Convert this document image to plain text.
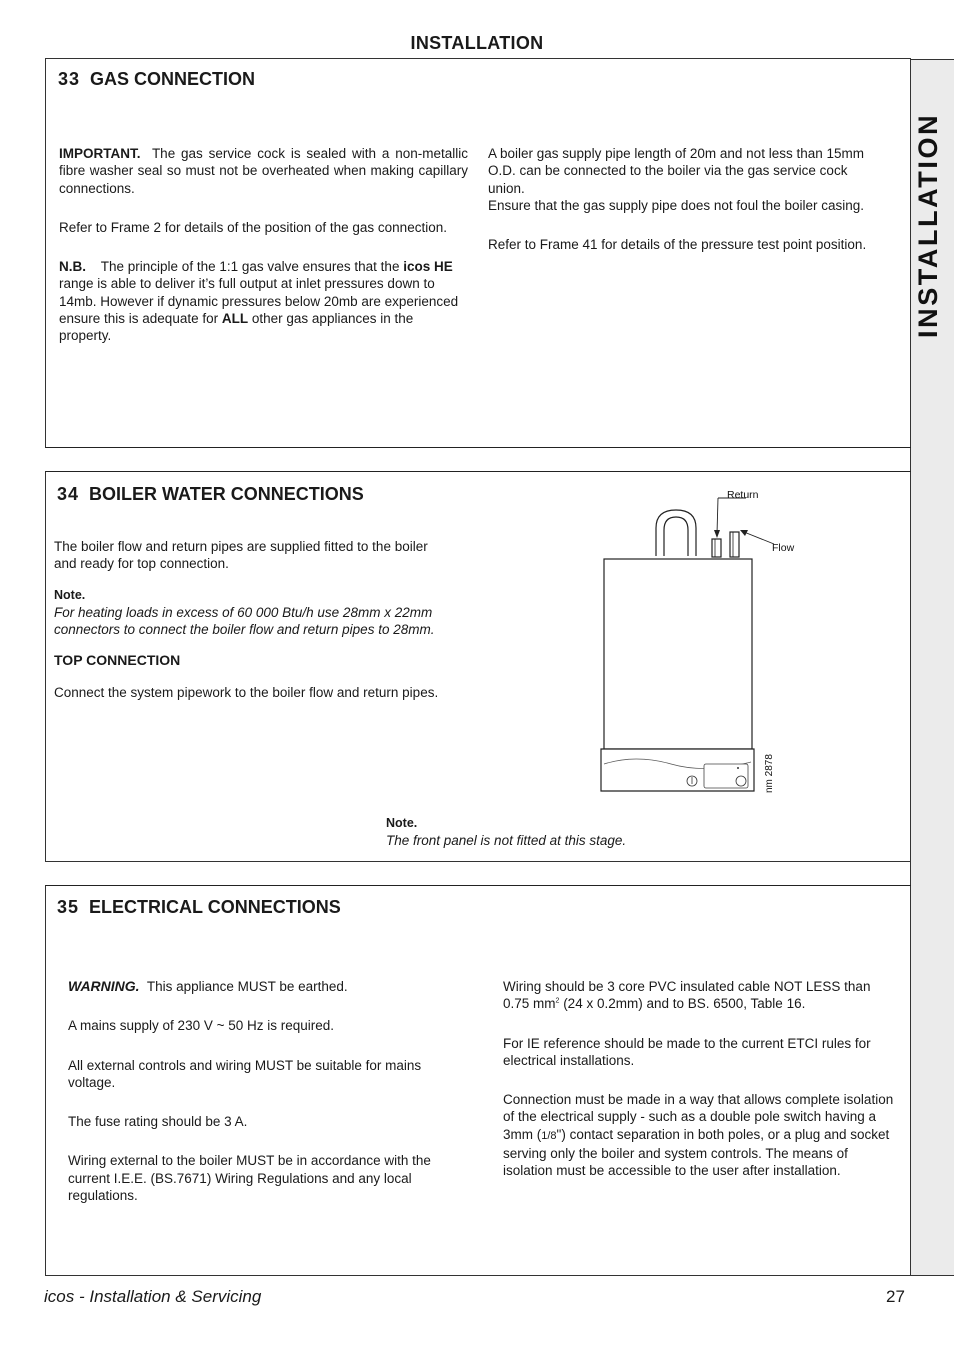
INSTALLATION
INSTALLATION
33 GAS CONNECTION

IMPORTANT. The gas service cock is sealed with a non-metallic fibre washer seal so must not be overheated when making capillary connections.

Refer to Frame 2 for details of the position of the gas connection.

N.B. The principle of the 1:1 gas valve ensures that the icos HE range is able to deliver it’s full output at inlet pressures down to 14mb. However if dynamic pressures below 20mb are experienced ensure this is adequate for ALL other gas appliances in the property.

A boiler gas supply pipe length of 20m and not less than 15mm O.D. can be connected to the boiler via the gas service cock union.
Ensure that the gas supply pipe does not foul the boiler casing.

Refer to Frame 41 for details of the pressure test point position.

34 BOILER WATER CONNECTIONS

The boiler flow and return pipes are supplied fitted to the boiler and ready for top connection.

Note.

For heating loads in excess of 60 000 Btu/h use 28mm x 22mm connectors to connect the boiler flow and return pipes to 28mm.

TOP CONNECTION

Connect the system pipework to the boiler flow and return pipes.

Return
Flow
nm 2878
Note.
The front panel is not fitted at this stage.
35 ELECTRICAL CONNECTIONS

WARNING. This appliance MUST be earthed.

A mains supply of 230 V ~ 50 Hz is required.

All external controls and wiring MUST be suitable for mains voltage.

The fuse rating should be 3 A.

Wiring external to the boiler MUST be in accordance with the current I.E.E. (BS.7671) Wiring Regulations and any local regulations.

Wiring should be 3 core PVC insulated cable NOT LESS than 0.75 $mm^2$ (24 x 0.2mm) and to BS. 6500, Table 16.

For IE reference should be made to the current ETCI rules for electrical installations.

Connection must be made in a way that allows complete isolation of the electrical supply - such as a double pole switch having a 3mm (1/8") contact separation in both poles, or a plug and socket serving only the boiler and system controls. The means of isolation must be accessible to the user after installation.

icos - Installation & Servicing	27
